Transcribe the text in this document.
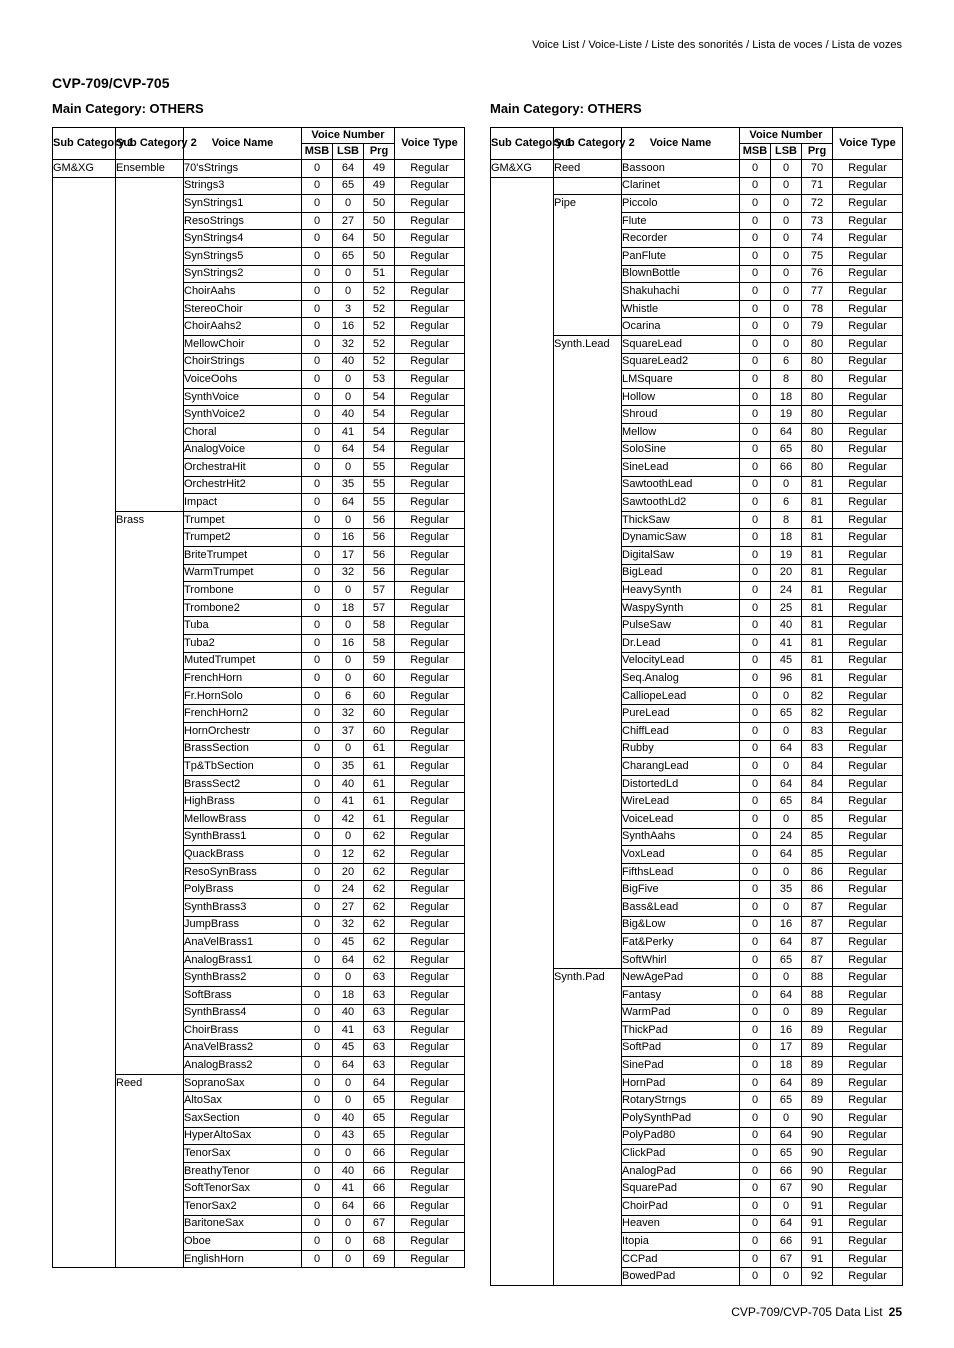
Voice List / Voice-Liste / Liste des sonorités / Lista de voces / Lista de vozes
CVP-709/CVP-705
Main Category: OTHERS	Main Category: OTHERS
Sub Category 1	Sub Category 2	Voice Name	Voice Number			Voice Type
			MSB	LSB	Prg	
GM&XG	Ensemble	70'sStrings	0	64	49	Regular
		Strings3	0	65	49	Regular
		SynStrings1	0	0	50	Regular
		ResoStrings	0	27	50	Regular
		SynStrings4	0	64	50	Regular
		SynStrings5	0	65	50	Regular
		SynStrings2	0	0	51	Regular
		ChoirAahs	0	0	52	Regular
		StereoChoir	0	3	52	Regular
		ChoirAahs2	0	16	52	Regular
		MellowChoir	0	32	52	Regular
		ChoirStrings	0	40	52	Regular
		VoiceOohs	0	0	53	Regular
		SynthVoice	0	0	54	Regular
		SynthVoice2	0	40	54	Regular
		Choral	0	41	54	Regular
		AnalogVoice	0	64	54	Regular
		OrchestraHit	0	0	55	Regular
		OrchestrHit2	0	35	55	Regular
		Impact	0	64	55	Regular
	Brass	Trumpet	0	0	56	Regular
		Trumpet2	0	16	56	Regular
		BriteTrumpet	0	17	56	Regular
		WarmTrumpet	0	32	56	Regular
		Trombone	0	0	57	Regular
		Trombone2	0	18	57	Regular
		Tuba	0	0	58	Regular
		Tuba2	0	16	58	Regular
		MutedTrumpet	0	0	59	Regular
		FrenchHorn	0	0	60	Regular
		Fr.HornSolo	0	6	60	Regular
		FrenchHorn2	0	32	60	Regular
		HornOrchestr	0	37	60	Regular
		BrassSection	0	0	61	Regular
		Tp&TbSection	0	35	61	Regular
		BrassSect2	0	40	61	Regular
		HighBrass	0	41	61	Regular
		MellowBrass	0	42	61	Regular
		SynthBrass1	0	0	62	Regular
		QuackBrass	0	12	62	Regular
		ResoSynBrass	0	20	62	Regular
		PolyBrass	0	24	62	Regular
		SynthBrass3	0	27	62	Regular
		JumpBrass	0	32	62	Regular
		AnaVelBrass1	0	45	62	Regular
		AnalogBrass1	0	64	62	Regular
		SynthBrass2	0	0	63	Regular
		SoftBrass	0	18	63	Regular
		SynthBrass4	0	40	63	Regular
		ChoirBrass	0	41	63	Regular
		AnaVelBrass2	0	45	63	Regular
		AnalogBrass2	0	64	63	Regular
	Reed	SopranoSax	0	0	64	Regular
		AltoSax	0	0	65	Regular
		SaxSection	0	40	65	Regular
		HyperAltoSax	0	43	65	Regular
		TenorSax	0	0	66	Regular
		BreathyTenor	0	40	66	Regular
		SoftTenorSax	0	41	66	Regular
		TenorSax2	0	64	66	Regular
		BaritoneSax	0	0	67	Regular
		Oboe	0	0	68	Regular
		EnglishHorn	0	0	69	Regular
Sub Category 1	Sub Category 2	Voice Name	Voice Number			Voice Type
			MSB	LSB	Prg	
GM&XG	Reed	Bassoon	0	0	70	Regular
		Clarinet	0	0	71	Regular
	Pipe	Piccolo	0	0	72	Regular
		Flute	0	0	73	Regular
		Recorder	0	0	74	Regular
		PanFlute	0	0	75	Regular
		BlownBottle	0	0	76	Regular
		Shakuhachi	0	0	77	Regular
		Whistle	0	0	78	Regular
		Ocarina	0	0	79	Regular
	Synth.Lead	SquareLead	0	0	80	Regular
		SquareLead2	0	6	80	Regular
		LMSquare	0	8	80	Regular
		Hollow	0	18	80	Regular
		Shroud	0	19	80	Regular
		Mellow	0	64	80	Regular
		SoloSine	0	65	80	Regular
		SineLead	0	66	80	Regular
		SawtoothLead	0	0	81	Regular
		SawtoothLd2	0	6	81	Regular
		ThickSaw	0	8	81	Regular
		DynamicSaw	0	18	81	Regular
		DigitalSaw	0	19	81	Regular
		BigLead	0	20	81	Regular
		HeavySynth	0	24	81	Regular
		WaspySynth	0	25	81	Regular
		PulseSaw	0	40	81	Regular
		Dr.Lead	0	41	81	Regular
		VelocityLead	0	45	81	Regular
		Seq.Analog	0	96	81	Regular
		CalliopeLead	0	0	82	Regular
		PureLead	0	65	82	Regular
		ChiffLead	0	0	83	Regular
		Rubby	0	64	83	Regular
		CharangLead	0	0	84	Regular
		DistortedLd	0	64	84	Regular
		WireLead	0	65	84	Regular
		VoiceLead	0	0	85	Regular
		SynthAahs	0	24	85	Regular
		VoxLead	0	64	85	Regular
		FifthsLead	0	0	86	Regular
		BigFive	0	35	86	Regular
		Bass&Lead	0	0	87	Regular
		Big&Low	0	16	87	Regular
		Fat&Perky	0	64	87	Regular
		SoftWhirl	0	65	87	Regular
	Synth.Pad	NewAgePad	0	0	88	Regular
		Fantasy	0	64	88	Regular
		WarmPad	0	0	89	Regular
		ThickPad	0	16	89	Regular
		SoftPad	0	17	89	Regular
		SinePad	0	18	89	Regular
		HornPad	0	64	89	Regular
		RotaryStrngs	0	65	89	Regular
		PolySynthPad	0	0	90	Regular
		PolyPad80	0	64	90	Regular
		ClickPad	0	65	90	Regular
		AnalogPad	0	66	90	Regular
		SquarePad	0	67	90	Regular
		ChoirPad	0	0	91	Regular
		Heaven	0	64	91	Regular
		Itopia	0	66	91	Regular
		CCPad	0	67	91	Regular
		BowedPad	0	0	92	Regular
CVP-709/CVP-705 Data List 25
